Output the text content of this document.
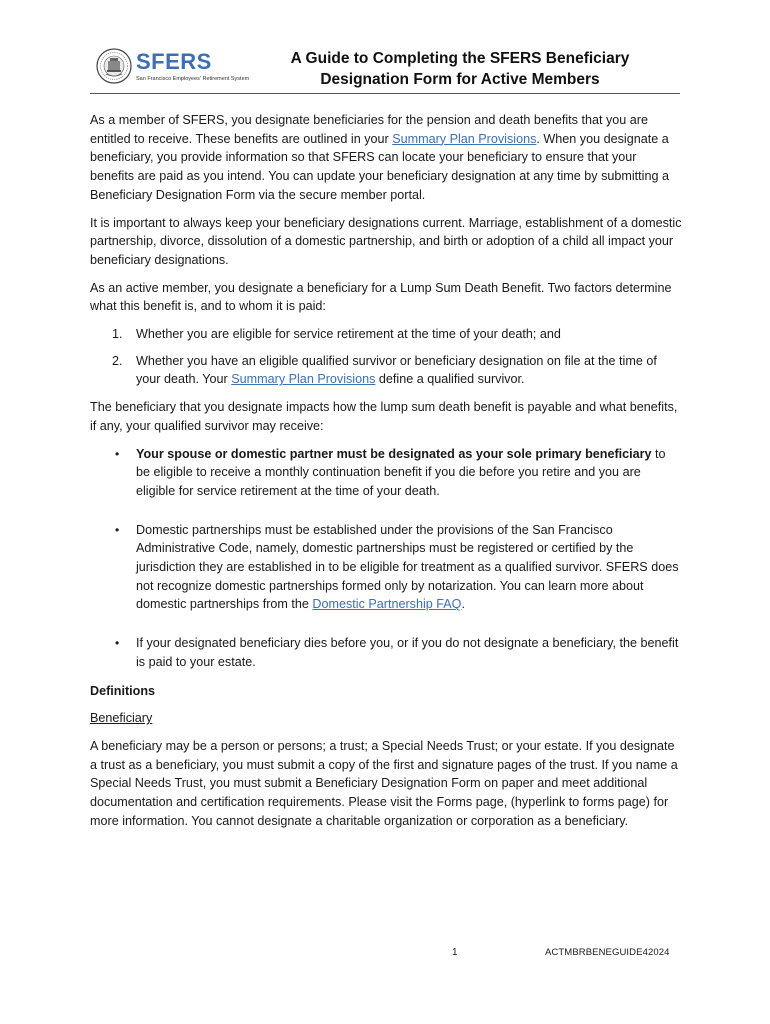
SFERS
San Francisco Employees' Retirement System
A Guide to Completing the SFERS Beneficiary
Designation Form for Active Members

As a member of SFERS, you designate beneficiaries for the pension and death benefits that you are entitled to receive. These benefits are outlined in your Summary Plan Provisions. When you designate a beneficiary, you provide information so that SFERS can locate your beneficiary to ensure that your benefits are paid as you intend. You can update your beneficiary designation at any time by submitting a Beneficiary Designation Form via the secure member portal.

It is important to always keep your beneficiary designations current. Marriage, establishment of a domestic partnership, divorce, dissolution of a domestic partnership, and birth or adoption of a child all impact your beneficiary designations.

As an active member, you designate a beneficiary for a Lump Sum Death Benefit. Two factors determine what this benefit is, and to whom it is paid:

1. Whether you are eligible for service retirement at the time of your death; and
2. Whether you have an eligible qualified survivor or beneficiary designation on file at the time of your death. Your Summary Plan Provisions define a qualified survivor.

The beneficiary that you designate impacts how the lump sum death benefit is payable and what benefits, if any, your qualified survivor may receive:

• Your spouse or domestic partner must be designated as your sole primary beneficiary to be eligible to receive a monthly continuation benefit if you die before you retire and you are eligible for service retirement at the time of your death.
• Domestic partnerships must be established under the provisions of the San Francisco Administrative Code, namely, domestic partnerships must be registered or certified by the jurisdiction they are established in to be eligible for treatment as a qualified survivor. SFERS does not recognize domestic partnerships formed only by notarization. You can learn more about domestic partnerships from the Domestic Partnership FAQ.
• If your designated beneficiary dies before you, or if you do not designate a beneficiary, the benefit is paid to your estate.
Definitions
Beneficiary

A beneficiary may be a person or persons; a trust; a Special Needs Trust; or your estate. If you designate a trust as a beneficiary, you must submit a copy of the first and signature pages of the trust. If you name a Special Needs Trust, you must submit a Beneficiary Designation Form on paper and meet additional documentation and certification requirements. Please visit the Forms page, (hyperlink to forms page) for more information. You cannot designate a charitable organization or corporation as a beneficiary.

1	ACTMBRBENEGUIDE42024
